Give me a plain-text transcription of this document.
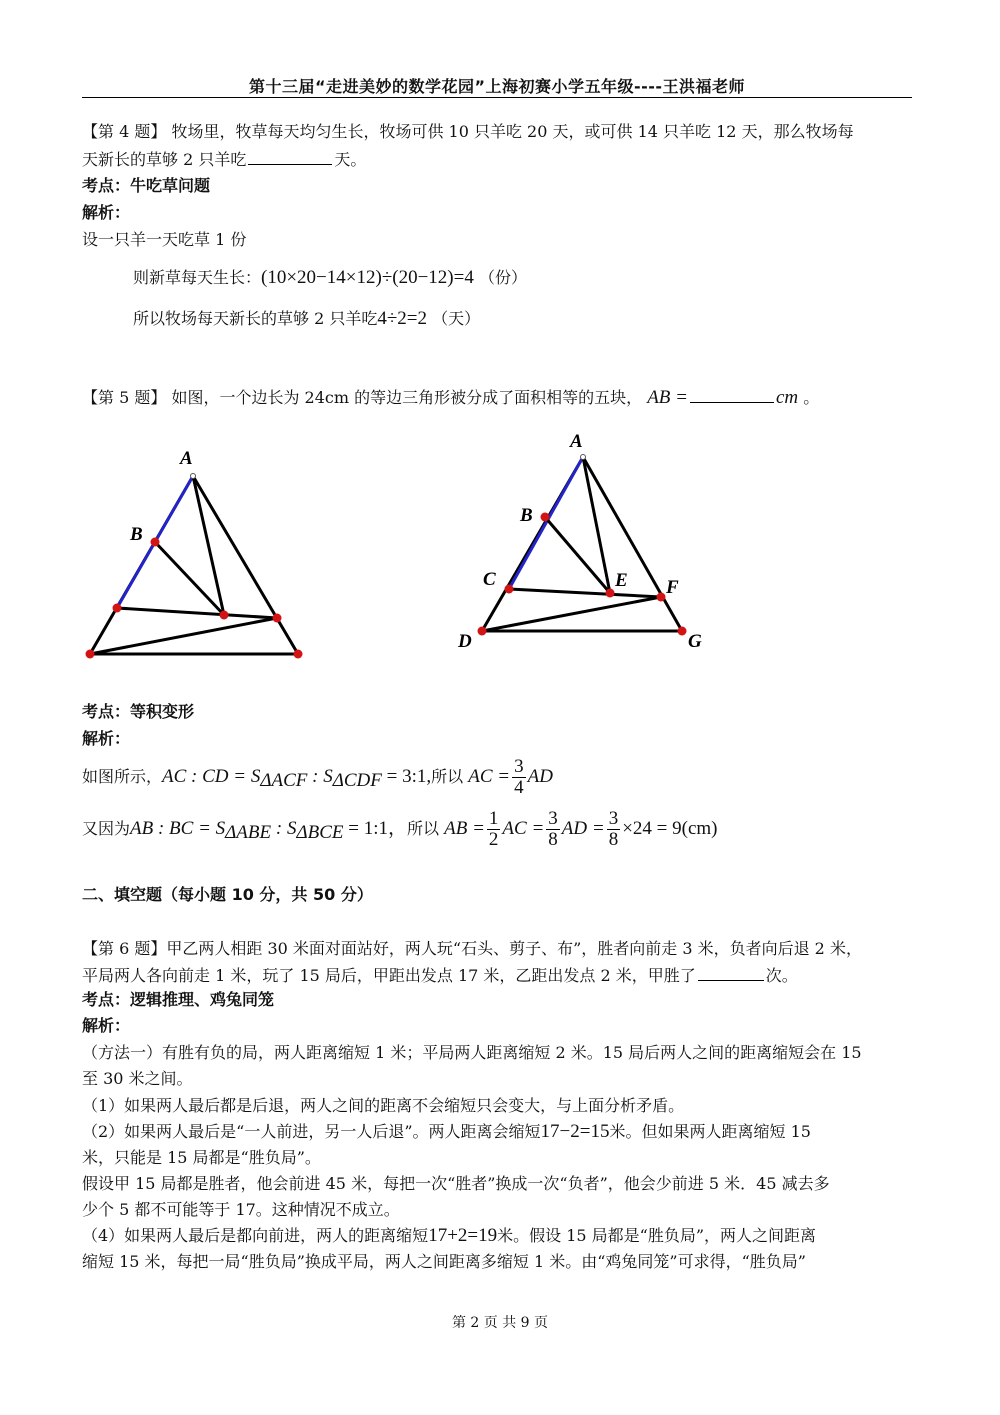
第十三届“走进美妙的数学花园”上海初赛小学五年级----王洪福老师
【第 4 题】 牧场里，牧草每天均匀生长，牧场可供 10 只羊吃 20 天，或可供 14 只羊吃 12 天，那么牧场每
天新长的草够 2 只羊吃	天。
考点：牛吃草问题
解析：
设一只羊一天吃草 1 份
则新草每天生长：(10×20−14×12)÷(20−12)=4 （份）
所以牧场每天新长的草够 2 只羊吃4÷2=2 （天）
【第 5 题】 如图，一个边长为 24cm 的等边三角形被分成了面积相等的五块， AB =	cm 。
A
B
A
B
C	E F
D	G
考点：等积变形
解析：
如图所示，AC : CD = $S_{\Delta ACF}$ : $S_{\Delta CDF}$ = 3:1,所以 AC = $\frac{3}{4}$ AD
又因为AB : BC = $S_{\Delta ABE}$ : $S_{\Delta BCE}$ = 1:1，所以 AB = $\frac{1}{2}$ AC = $\frac{3}{8}$ AD = $\frac{3}{8} \times 24 = 9(cm)$
二、填空题（每小题 10 分，共 50 分）
【第 6 题】甲乙两人相距 30 米面对面站好，两人玩“石头、剪子、布”，胜者向前走 3 米，负者向后退 2 米，
平局两人各向前走 1 米，玩了 15 局后，甲距出发点 17 米，乙距出发点 2 米，甲胜了	次。
考点：逻辑推理、鸡兔同笼
解析：
（方法一）有胜有负的局，两人距离缩短 1 米；平局两人距离缩短 2 米。15 局后两人之间的距离缩短会在 15
至 30 米之间。
（1）如果两人最后都是后退，两人之间的距离不会缩短只会变大，与上面分析矛盾。
（2）如果两人最后是“一人前进，另一人后退”。两人距离会缩短17−2=15米。但如果两人距离缩短 15
米，只能是 15 局都是“胜负局”。
假设甲 15 局都是胜者，他会前进 45 米，每把一次“胜者”换成一次“负者”，他会少前进 5 米．45 减去多
少个 5 都不可能等于 17。这种情况不成立。
（4）如果两人最后是都向前进，两人的距离缩短17+2=19米。假设 15 局都是“胜负局”，两人之间距离
缩短 15 米，每把一局“胜负局”换成平局，两人之间距离多缩短 1 米。由“鸡兔同笼”可求得，“胜负局”
第 2 页 共 9 页
